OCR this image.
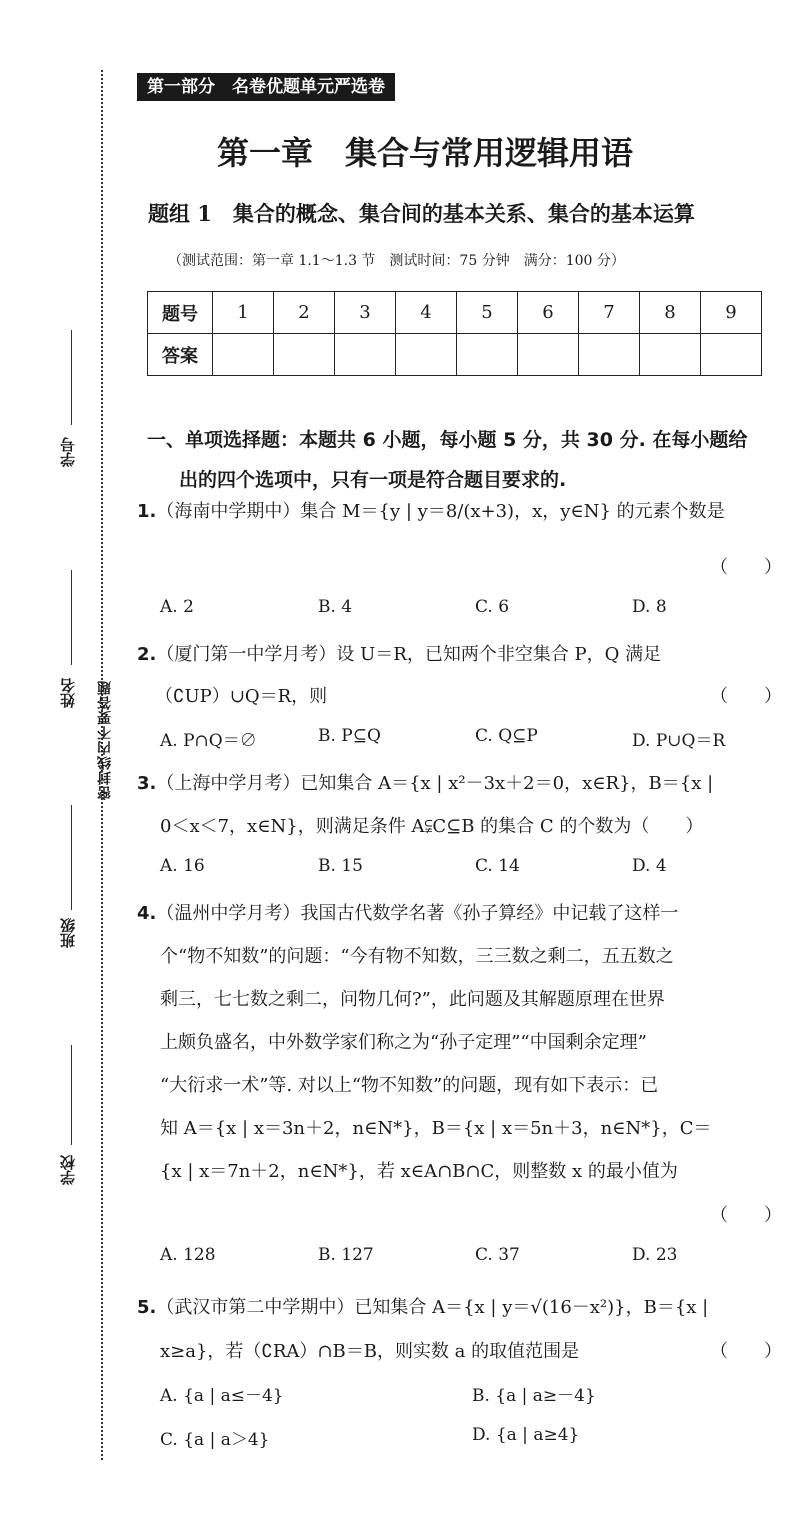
学号
姓名 密封线内不要答题
班级
学校
第一部分　名卷优题单元严选卷
第一章　集合与常用逻辑用语
题组 1　集合的概念、集合间的基本关系、集合的基本运算
（测试范围：第一章 1.1～1.3 节　测试时间：75 分钟　满分：100 分）
题号	1	2	3	4	5	6	7	8	9
答案									
一、单项选择题：本题共 6 小题，每小题 5 分，共 30 分. 在每小题给
出的四个选项中，只有一项是符合题目要求的.
1.（海南中学期中）集合 M＝{y | y＝8/(x+3)，x，y∈N} 的元素个数是
（　　）
A. 2	B. 4	C. 6	D. 8
2.（厦门第一中学月考）设 U＝R，已知两个非空集合 P，Q 满足
（∁UP）∪Q＝R，则	（　　）
A. P∩Q＝∅	B. P⊆Q	C. Q⊆P	D. P∪Q＝R
3.（上海中学月考）已知集合 A＝{x | x²－3x＋2＝0，x∈R}，B＝{x |
0＜x＜7，x∈N}，则满足条件 A⫋C⊆B 的集合 C 的个数为（　　）
A. 16	B. 15	C. 14	D. 4
4.（温州中学月考）我国古代数学名著《孙子算经》中记载了这样一
个“物不知数”的问题：“今有物不知数，三三数之剩二，五五数之
剩三，七七数之剩二，问物几何?”，此问题及其解题原理在世界
上颇负盛名，中外数学家们称之为“孙子定理”“中国剩余定理”
“大衍求一术”等. 对以上“物不知数”的问题，现有如下表示：已
知 A＝{x | x＝3n＋2，n∈N*}，B＝{x | x＝5n＋3，n∈N*}，C＝
{x | x＝7n＋2，n∈N*}，若 x∈A∩B∩C，则整数 x 的最小值为
（　　）
A. 128	B. 127	C. 37	D. 23
5.（武汉市第二中学期中）已知集合 A＝{x | y＝√(16－x²)}，B＝{x |
x≥a}，若（∁RA）∩B＝B，则实数 a 的取值范围是	（　　）
A. {a | a≤－4}	B. {a | a≥－4}
C. {a | a＞4}	D. {a | a≥4}
